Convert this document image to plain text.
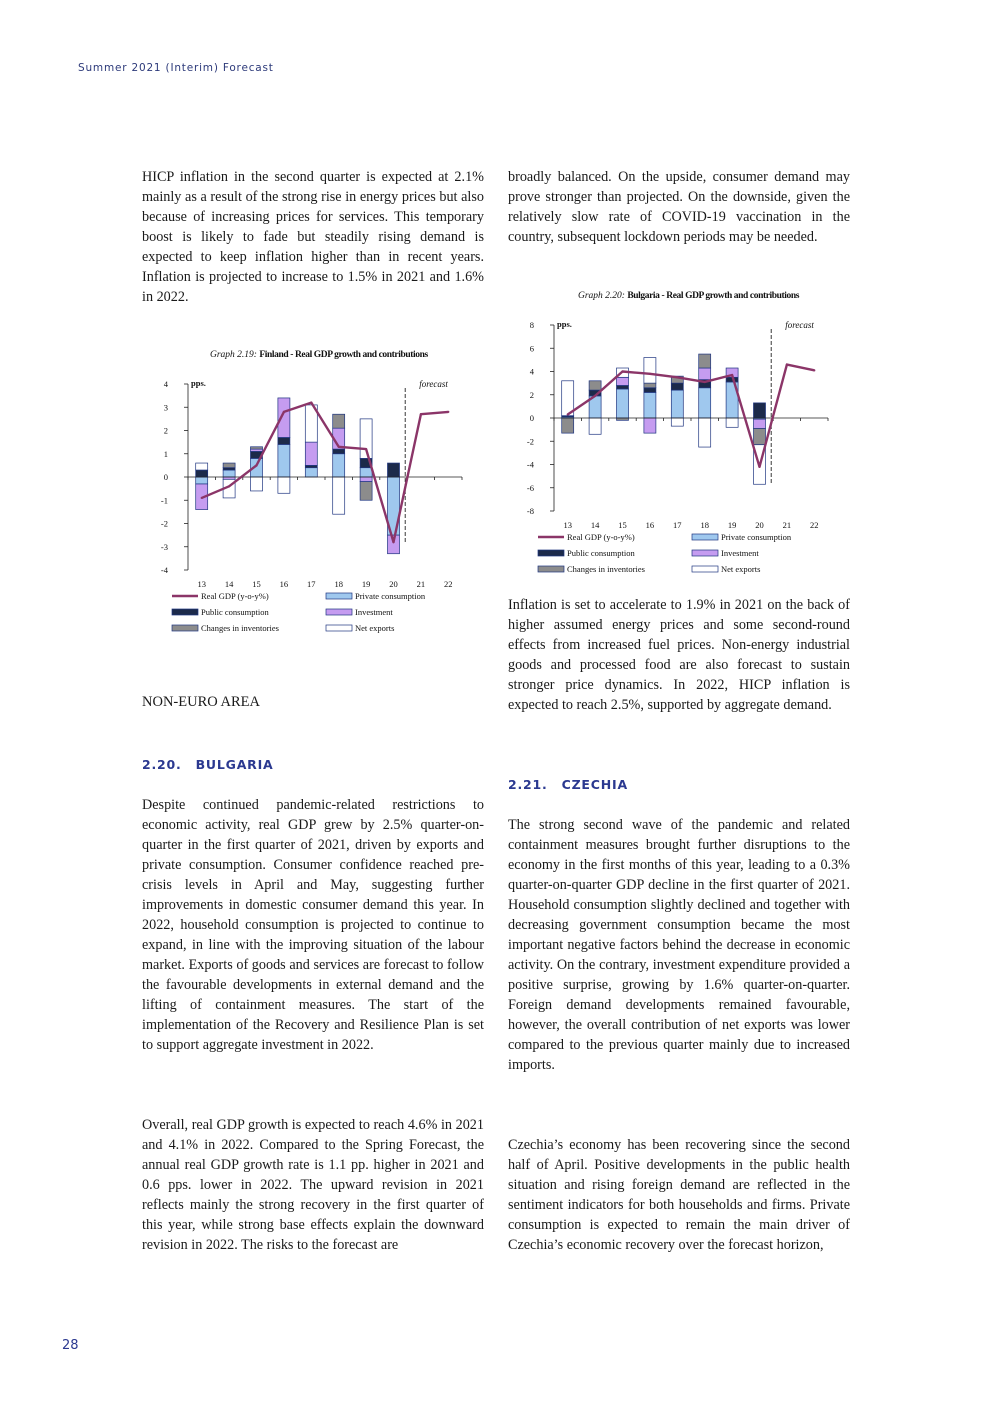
Summer 2021 (Interim) Forecast

HICP inflation in the second quarter is expected at 2.1% mainly as a result of the strong rise in energy prices but also because of increasing prices for services. This temporary boost is likely to fade but steadily rising demand is expected to keep inflation higher than in recent years. Inflation is projected to increase to 1.5% in 2021 and 1.6% in 2022.

Graph 2.19: Finland - Real GDP growth and contributions
4
3
2
1
0
-1
-2
-3
-4
13 14 15 16 17 18 19 20 21 22
forecast
pps.
Real GDP (y-o-y%)	Private consumption
Public consumption	Investment
Changes in inventories	Net exports
NON-EURO AREA
2.20. BULGARIA

Despite continued pandemic-related restrictions to economic activity, real GDP grew by 2.5% quarter-on-quarter in the first quarter of 2021, driven by exports and private consumption. Consumer confidence reached pre-crisis levels in April and May, suggesting further improvements in domestic consumer demand this year. In 2022, household consumption is projected to continue to expand, in line with the improving situation of the labour market. Exports of goods and services are forecast to follow the favourable developments in external demand and the lifting of containment measures. The start of the implementation of the Recovery and Resilience Plan is set to support aggregate investment in 2022.

Overall, real GDP growth is expected to reach 4.6% in 2021 and 4.1% in 2022. Compared to the Spring Forecast, the annual real GDP growth rate is 1.1 pp. higher in 2021 and 0.6 pps. lower in 2022. The upward revision in 2021 reflects mainly the strong recovery in the first quarter of this year, while strong base effects explain the downward revision in 2022. The risks to the forecast are

broadly balanced. On the upside, consumer demand may prove stronger than projected. On the downside, given the relatively slow rate of COVID-19 vaccination in the country, subsequent lockdown periods may be needed.

Graph 2.20: Bulgaria - Real GDP growth and contributions
8
6
4
2
0
-2
-4
-6
-8
13 14 15 16 17 18 19 20 21 22
forecast
pps.
Real GDP (y-o-y%)	Private consumption
Public consumption	Investment
Changes in inventories	Net exports

Inflation is set to accelerate to 1.9% in 2021 on the back of higher assumed energy prices and some second-round effects from increased fuel prices. Non-energy industrial goods and processed food are also forecast to sustain stronger price dynamics. In 2022, HICP inflation is expected to reach 2.5%, supported by aggregate demand.

2.21. CZECHIA

The strong second wave of the pandemic and related containment measures brought further disruptions to the economy in the first months of this year, leading to a 0.3% quarter-on-quarter GDP decline in the first quarter of 2021. Household consumption slightly declined and together with decreasing government consumption became the most important negative factors behind the decrease in economic activity. On the contrary, investment expenditure provided a positive surprise, growing by 1.6% quarter-on-quarter. Foreign demand developments remained favourable, however, the overall contribution of net exports was lower compared to the previous quarter mainly due to increased imports.

Czechia’s economy has been recovering since the second half of April. Positive developments in the public health situation and rising foreign demand are reflected in the sentiment indicators for both households and firms. Private consumption is expected to remain the main driver of Czechia’s economic recovery over the forecast horizon,

28
